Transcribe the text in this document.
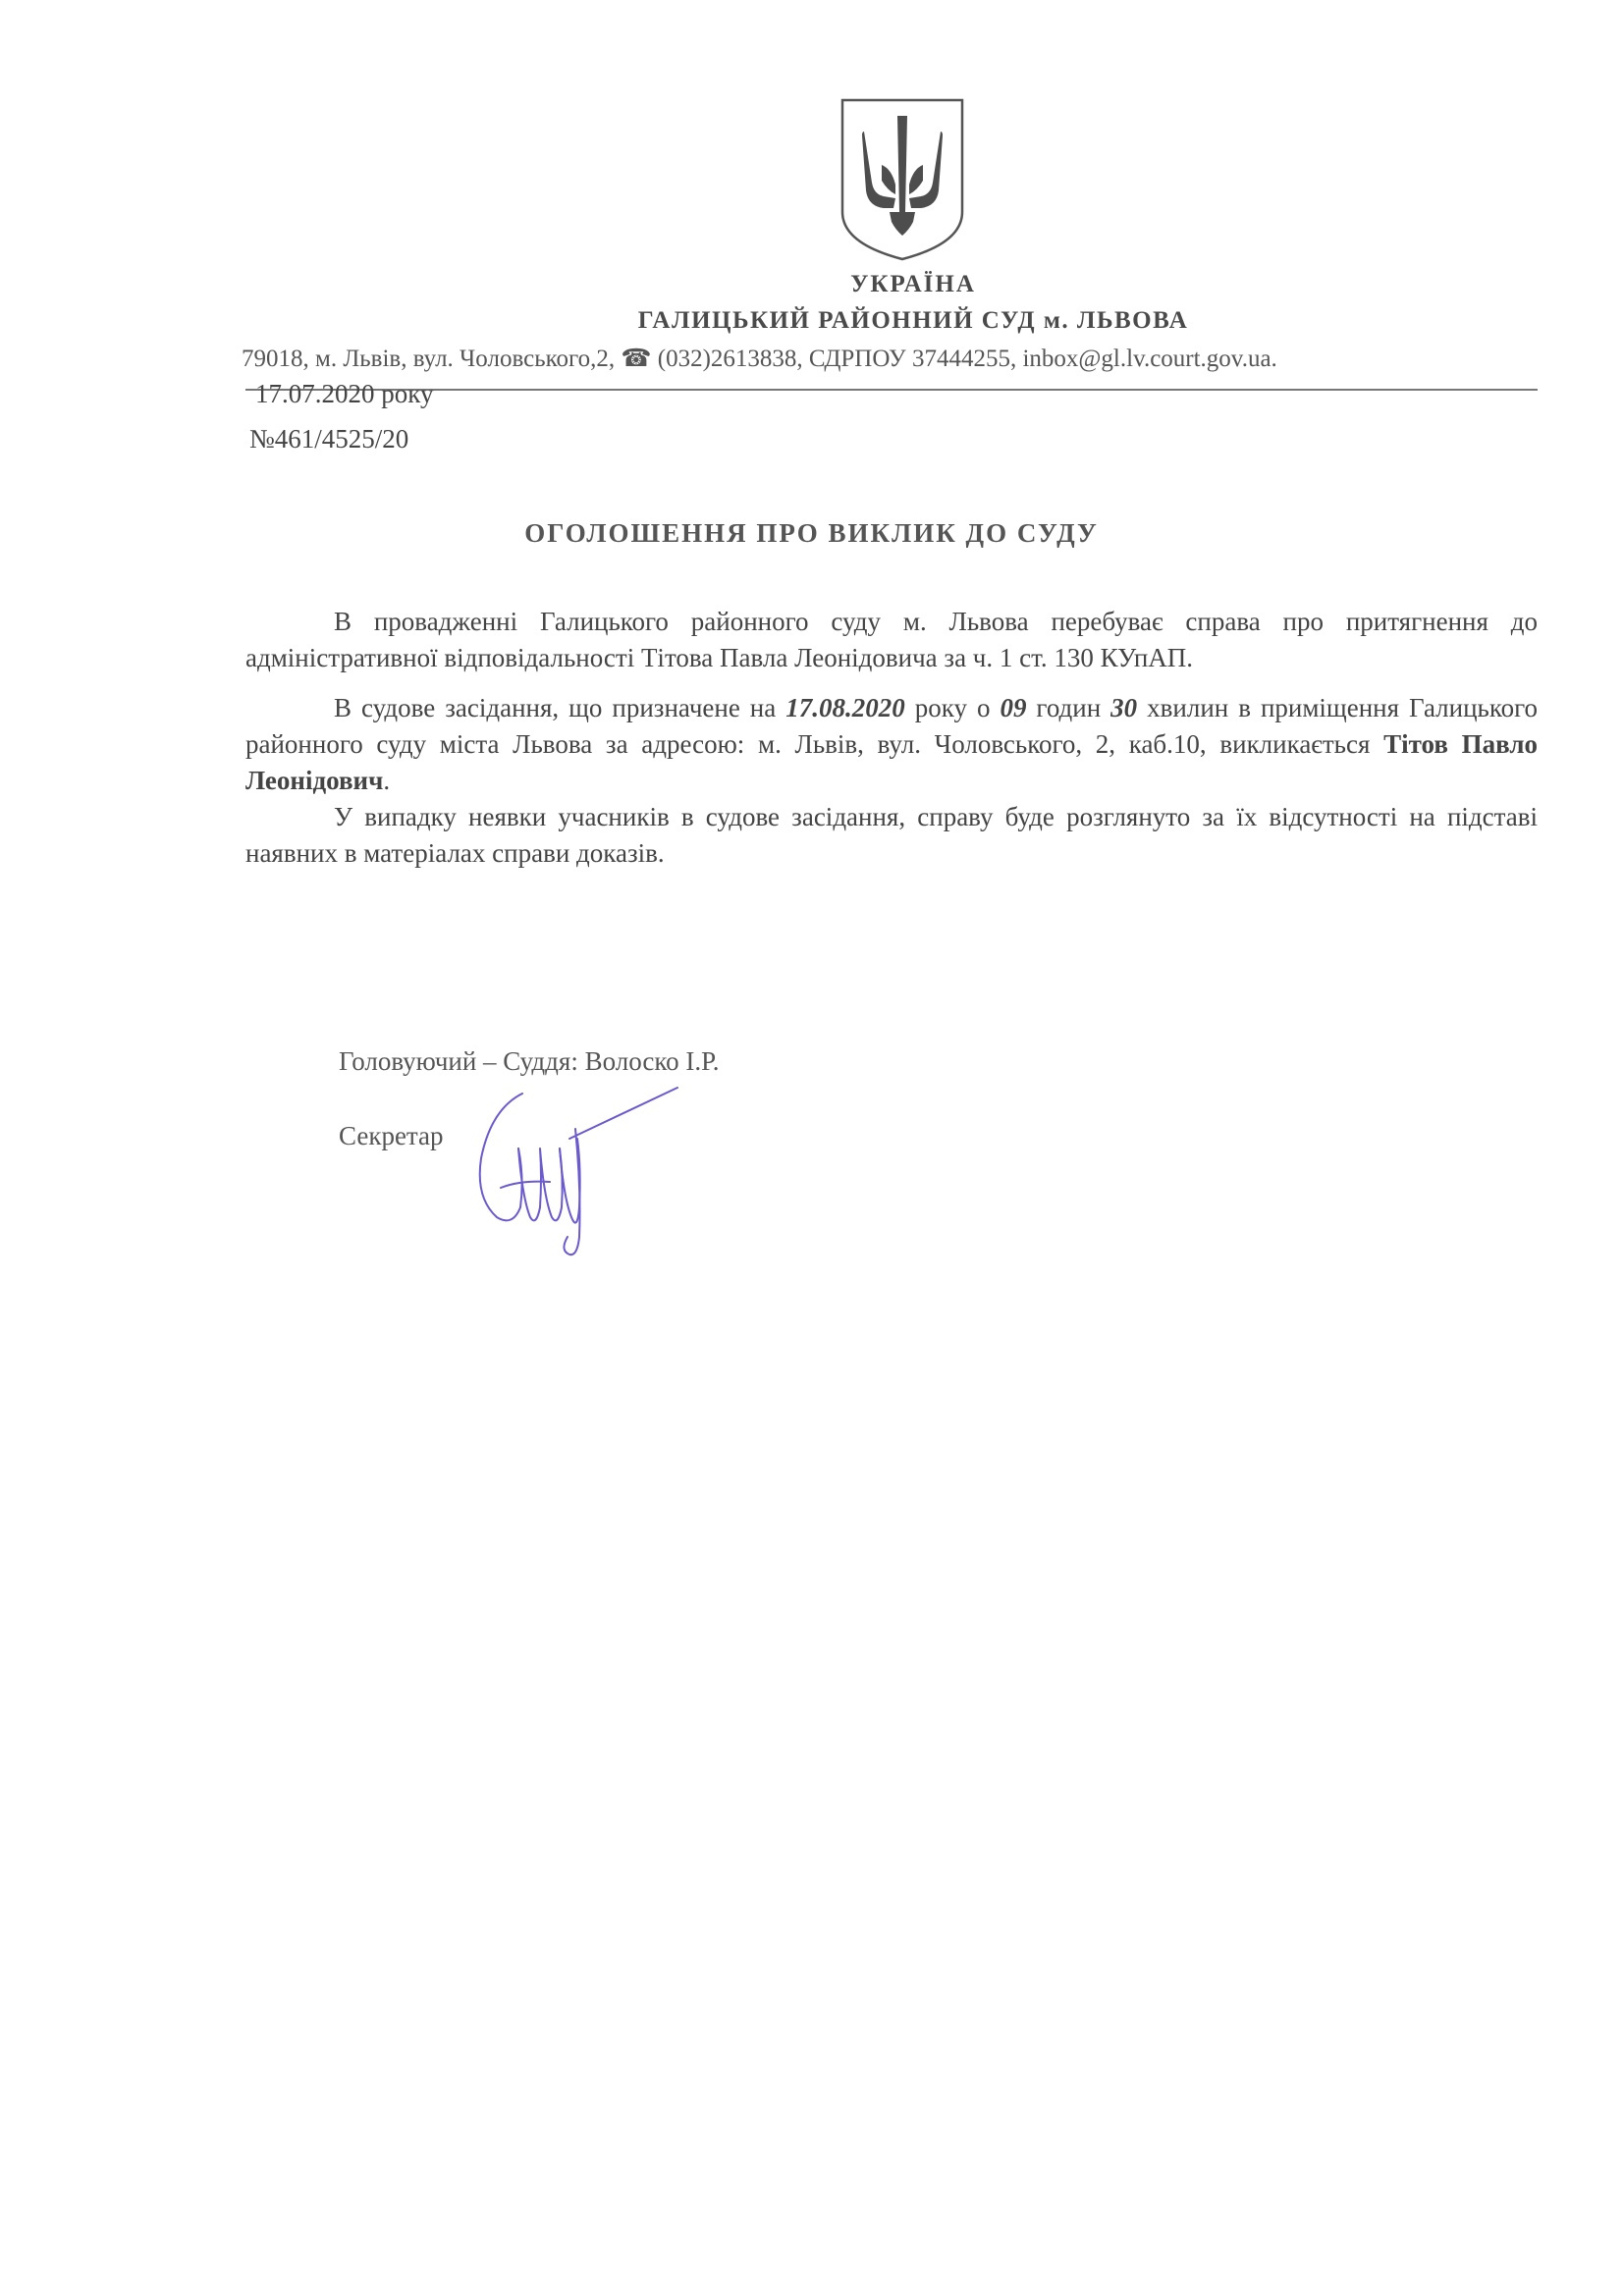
УКРАЇНА
ГАЛИЦЬКИЙ РАЙОННИЙ СУД м. ЛЬВОВА
79018, м. Львів, вул. Чоловського,2, ☎ (032)2613838, СДРПОУ 37444255, inbox@gl.lv.court.gov.ua.
17.07.2020 року
№461/4525/20
ОГОЛОШЕННЯ ПРО ВИКЛИК ДО СУДУ

В провадженні Галицького районного суду м. Львова перебуває справа про притягнення до адміністративної відповідальності Тітова Павла Леонідовича за ч. 1 ст. 130 КУпАП.

В судове засідання, що призначене на 17.08.2020 року о 09 годин 30 хвилин в приміщення Галицького районного суду міста Львова за адресою: м. Львів, вул. Чоловського, 2, каб.10, викликається Тітов Павло Леонідович.

У випадку неявки учасників в судове засідання, справу буде розглянуто за їх відсутності на підставі наявних в матеріалах справи доказів.

Головуючий – Суддя: Волоско І.Р.
Секретар
